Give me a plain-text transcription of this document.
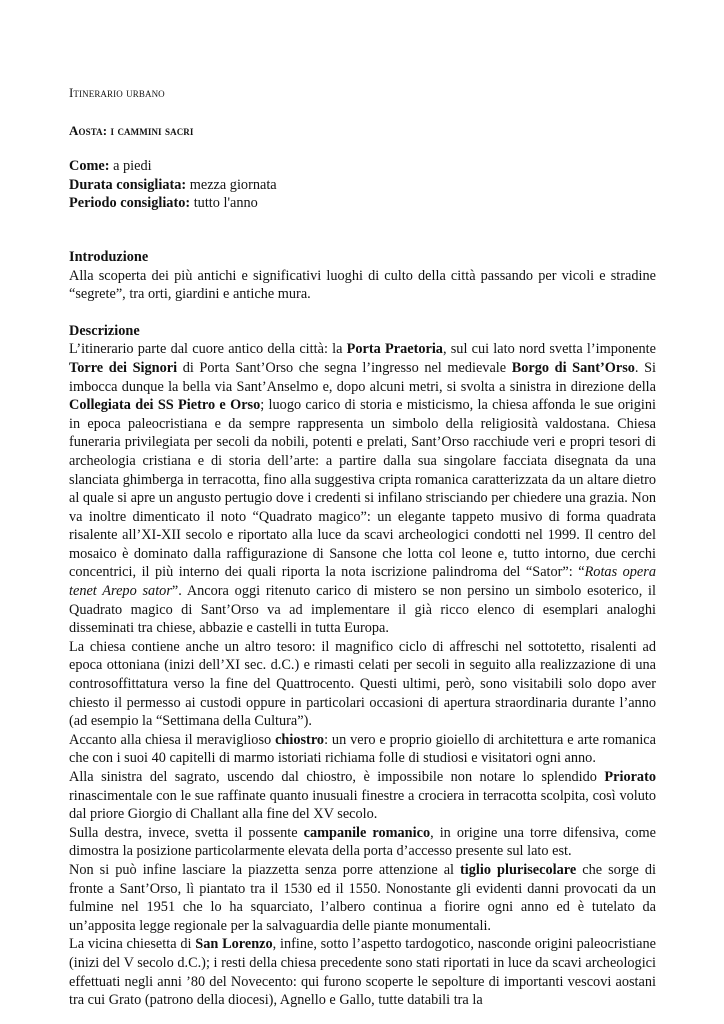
Itinerario urbano
Aosta: i cammini sacri
Come: a piedi
Durata consigliata: mezza giornata
Periodo consigliato: tutto l'anno
Introduzione

Alla scoperta dei più antichi e significativi luoghi di culto della città passando per vicoli e stradine “segrete”, tra orti, giardini e antiche mura.

Descrizione

L’itinerario parte dal cuore antico della città: la Porta Praetoria, sul cui lato nord svetta l’imponente Torre dei Signori di Porta Sant’Orso che segna l’ingresso nel medievale Borgo di Sant’Orso. Si imbocca dunque la bella via Sant’Anselmo e, dopo alcuni metri, si svolta a sinistra in direzione della Collegiata dei SS Pietro e Orso; luogo carico di storia e misticismo, la chiesa affonda le sue origini in epoca paleocristiana e da sempre rappresenta un simbolo della religiosità valdostana. Chiesa funeraria privilegiata per secoli da nobili, potenti e prelati, Sant’Orso racchiude veri e propri tesori di archeologia cristiana e di storia dell’arte: a partire dalla sua singolare facciata disegnata da una slanciata ghimberga in terracotta, fino alla suggestiva cripta romanica caratterizzata da un altare dietro al quale si apre un angusto pertugio dove i credenti si infilano strisciando per chiedere una grazia. Non va inoltre dimenticato il noto “Quadrato magico”: un elegante tappeto musivo di forma quadrata risalente all’XI-XII secolo e riportato alla luce da scavi archeologici condotti nel 1999. Il centro del mosaico è dominato dalla raffigurazione di Sansone che lotta col leone e, tutto intorno, due cerchi concentrici, il più interno dei quali riporta la nota iscrizione palindroma del “Sator”: “Rotas opera tenet Arepo sator”. Ancora oggi ritenuto carico di mistero se non persino un simbolo esoterico, il Quadrato magico di Sant’Orso va ad implementare il già ricco elenco di esemplari analoghi disseminati tra chiese, abbazie e castelli in tutta Europa.

La chiesa contiene anche un altro tesoro: il magnifico ciclo di affreschi nel sottotetto, risalenti ad epoca ottoniana (inizi dell’XI sec. d.C.) e rimasti celati per secoli in seguito alla realizzazione di una controsoffittatura verso la fine del Quattrocento. Questi ultimi, però, sono visitabili solo dopo aver chiesto il permesso ai custodi oppure in particolari occasioni di apertura straordinaria durante l’anno (ad esempio la “Settimana della Cultura”).

Accanto alla chiesa il meraviglioso chiostro: un vero e proprio gioiello di architettura e arte romanica che con i suoi 40 capitelli di marmo istoriati richiama folle di studiosi e visitatori ogni anno.

Alla sinistra del sagrato, uscendo dal chiostro, è impossibile non notare lo splendido Priorato rinascimentale con le sue raffinate quanto inusuali finestre a crociera in terracotta scolpita, così voluto dal priore Giorgio di Challant alla fine del XV secolo.

Sulla destra, invece, svetta il possente campanile romanico, in origine una torre difensiva, come dimostra la posizione particolarmente elevata della porta d’accesso presente sul lato est.

Non si può infine lasciare la piazzetta senza porre attenzione al tiglio plurisecolare che sorge di fronte a Sant’Orso, lì piantato tra il 1530 ed il 1550. Nonostante gli evidenti danni provocati da un fulmine nel 1951 che lo ha squarciato, l’albero continua a fiorire ogni anno ed è tutelato da un’apposita legge regionale per la salvaguardia delle piante monumentali.

La vicina chiesetta di San Lorenzo, infine, sotto l’aspetto tardogotico, nasconde origini paleocristiane (inizi del V secolo d.C.); i resti della chiesa precedente sono stati riportati in luce da scavi archeologici effettuati negli anni ’80 del Novecento: qui furono scoperte le sepolture di importanti vescovi aostani tra cui Grato (patrono della diocesi), Agnello e Gallo, tutte databili tra la
